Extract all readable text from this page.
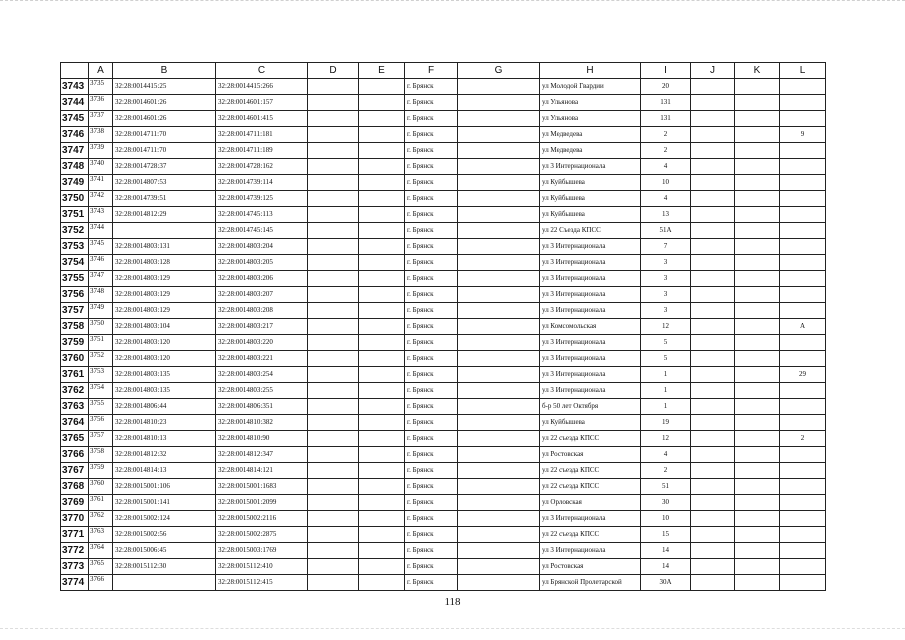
	A	B	C	D	E	F	G	H	I	J	K	L
3743	3735	32:28:0014415:25	32:28:0014415:266			г. Брянск		ул Молодой Гвардии	20			
3744	3736	32:28:0014601:26	32:28:0014601:157			г. Брянск		ул Ульянова	131			
3745	3737	32:28:0014601:26	32:28:0014601:415			г. Брянск		ул Ульянова	131			
3746	3738	32:28:0014711:70	32:28:0014711:181			г. Брянск		ул Медведева	2			9
3747	3739	32:28:0014711:70	32:28:0014711:189			г. Брянск		ул Медведева	2			
3748	3740	32:28:0014728:37	32:28:0014728:162			г. Брянск		ул 3 Интернационала	4			
3749	3741	32:28:0014807:53	32:28:0014739:114			г. Брянск		ул Куйбышева	10			
3750	3742	32:28:0014739:51	32:28:0014739:125			г. Брянск		ул Куйбышева	4			
3751	3743	32:28:0014812:29	32:28:0014745:113			г. Брянск		ул Куйбышева	13			
3752	3744		32:28:0014745:145			г. Брянск		ул 22 Съезда КПСС	51А			
3753	3745	32:28:0014803:131	32:28:0014803:204			г. Брянск		ул 3 Интернационала	7			
3754	3746	32:28:0014803:128	32:28:0014803:205			г. Брянск		ул 3 Интернационала	3			
3755	3747	32:28:0014803:129	32:28:0014803:206			г. Брянск		ул 3 Интернационала	3			
3756	3748	32:28:0014803:129	32:28:0014803:207			г. Брянск		ул 3 Интернационала	3			
3757	3749	32:28:0014803:129	32:28:0014803:208			г. Брянск		ул 3 Интернационала	3			
3758	3750	32:28:0014803:104	32:28:0014803:217			г. Брянск		ул Комсомольская	12			А
3759	3751	32:28:0014803:120	32:28:0014803:220			г. Брянск		ул 3 Интернационала	5			
3760	3752	32:28:0014803:120	32:28:0014803:221			г. Брянск		ул 3 Интернационала	5			
3761	3753	32:28:0014803:135	32:28:0014803:254			г. Брянск		ул 3 Интернационала	1			29
3762	3754	32:28:0014803:135	32:28:0014803:255			г. Брянск		ул 3 Интернационала	1			
3763	3755	32:28:0014806:44	32:28:0014806:351			г. Брянск		б-р 50 лет Октября	1			
3764	3756	32:28:0014810:23	32:28:0014810:382			г. Брянск		ул Куйбышева	19			
3765	3757	32:28:0014810:13	32:28:0014810:90			г. Брянск		ул 22 съезда КПСС	12			2
3766	3758	32:28:0014812:32	32:28:0014812:347			г. Брянск		ул Ростовская	4			
3767	3759	32:28:0014814:13	32:28:0014814:121			г. Брянск		ул 22 съезда КПСС	2			
3768	3760	32:28:0015001:106	32:28:0015001:1683			г. Брянск		ул 22 съезда КПСС	51			
3769	3761	32:28:0015001:141	32:28:0015001:2099			г. Брянск		ул Орловская	30			
3770	3762	32:28:0015002:124	32:28:0015002:2116			г. Брянск		ул 3 Интернационала	10			
3771	3763	32:28:0015002:56	32:28:0015002:2875			г. Брянск		ул 22 съезда КПСС	15			
3772	3764	32:28:0015006:45	32:28:0015003:1769			г. Брянск		ул 3 Интернационала	14			
3773	3765	32:28:0015112:30	32:28:0015112:410			г. Брянск		ул Ростовская	14			
3774	3766		32:28:0015112:415			г. Брянск		ул Брянской Пролетарской	30А			
118
